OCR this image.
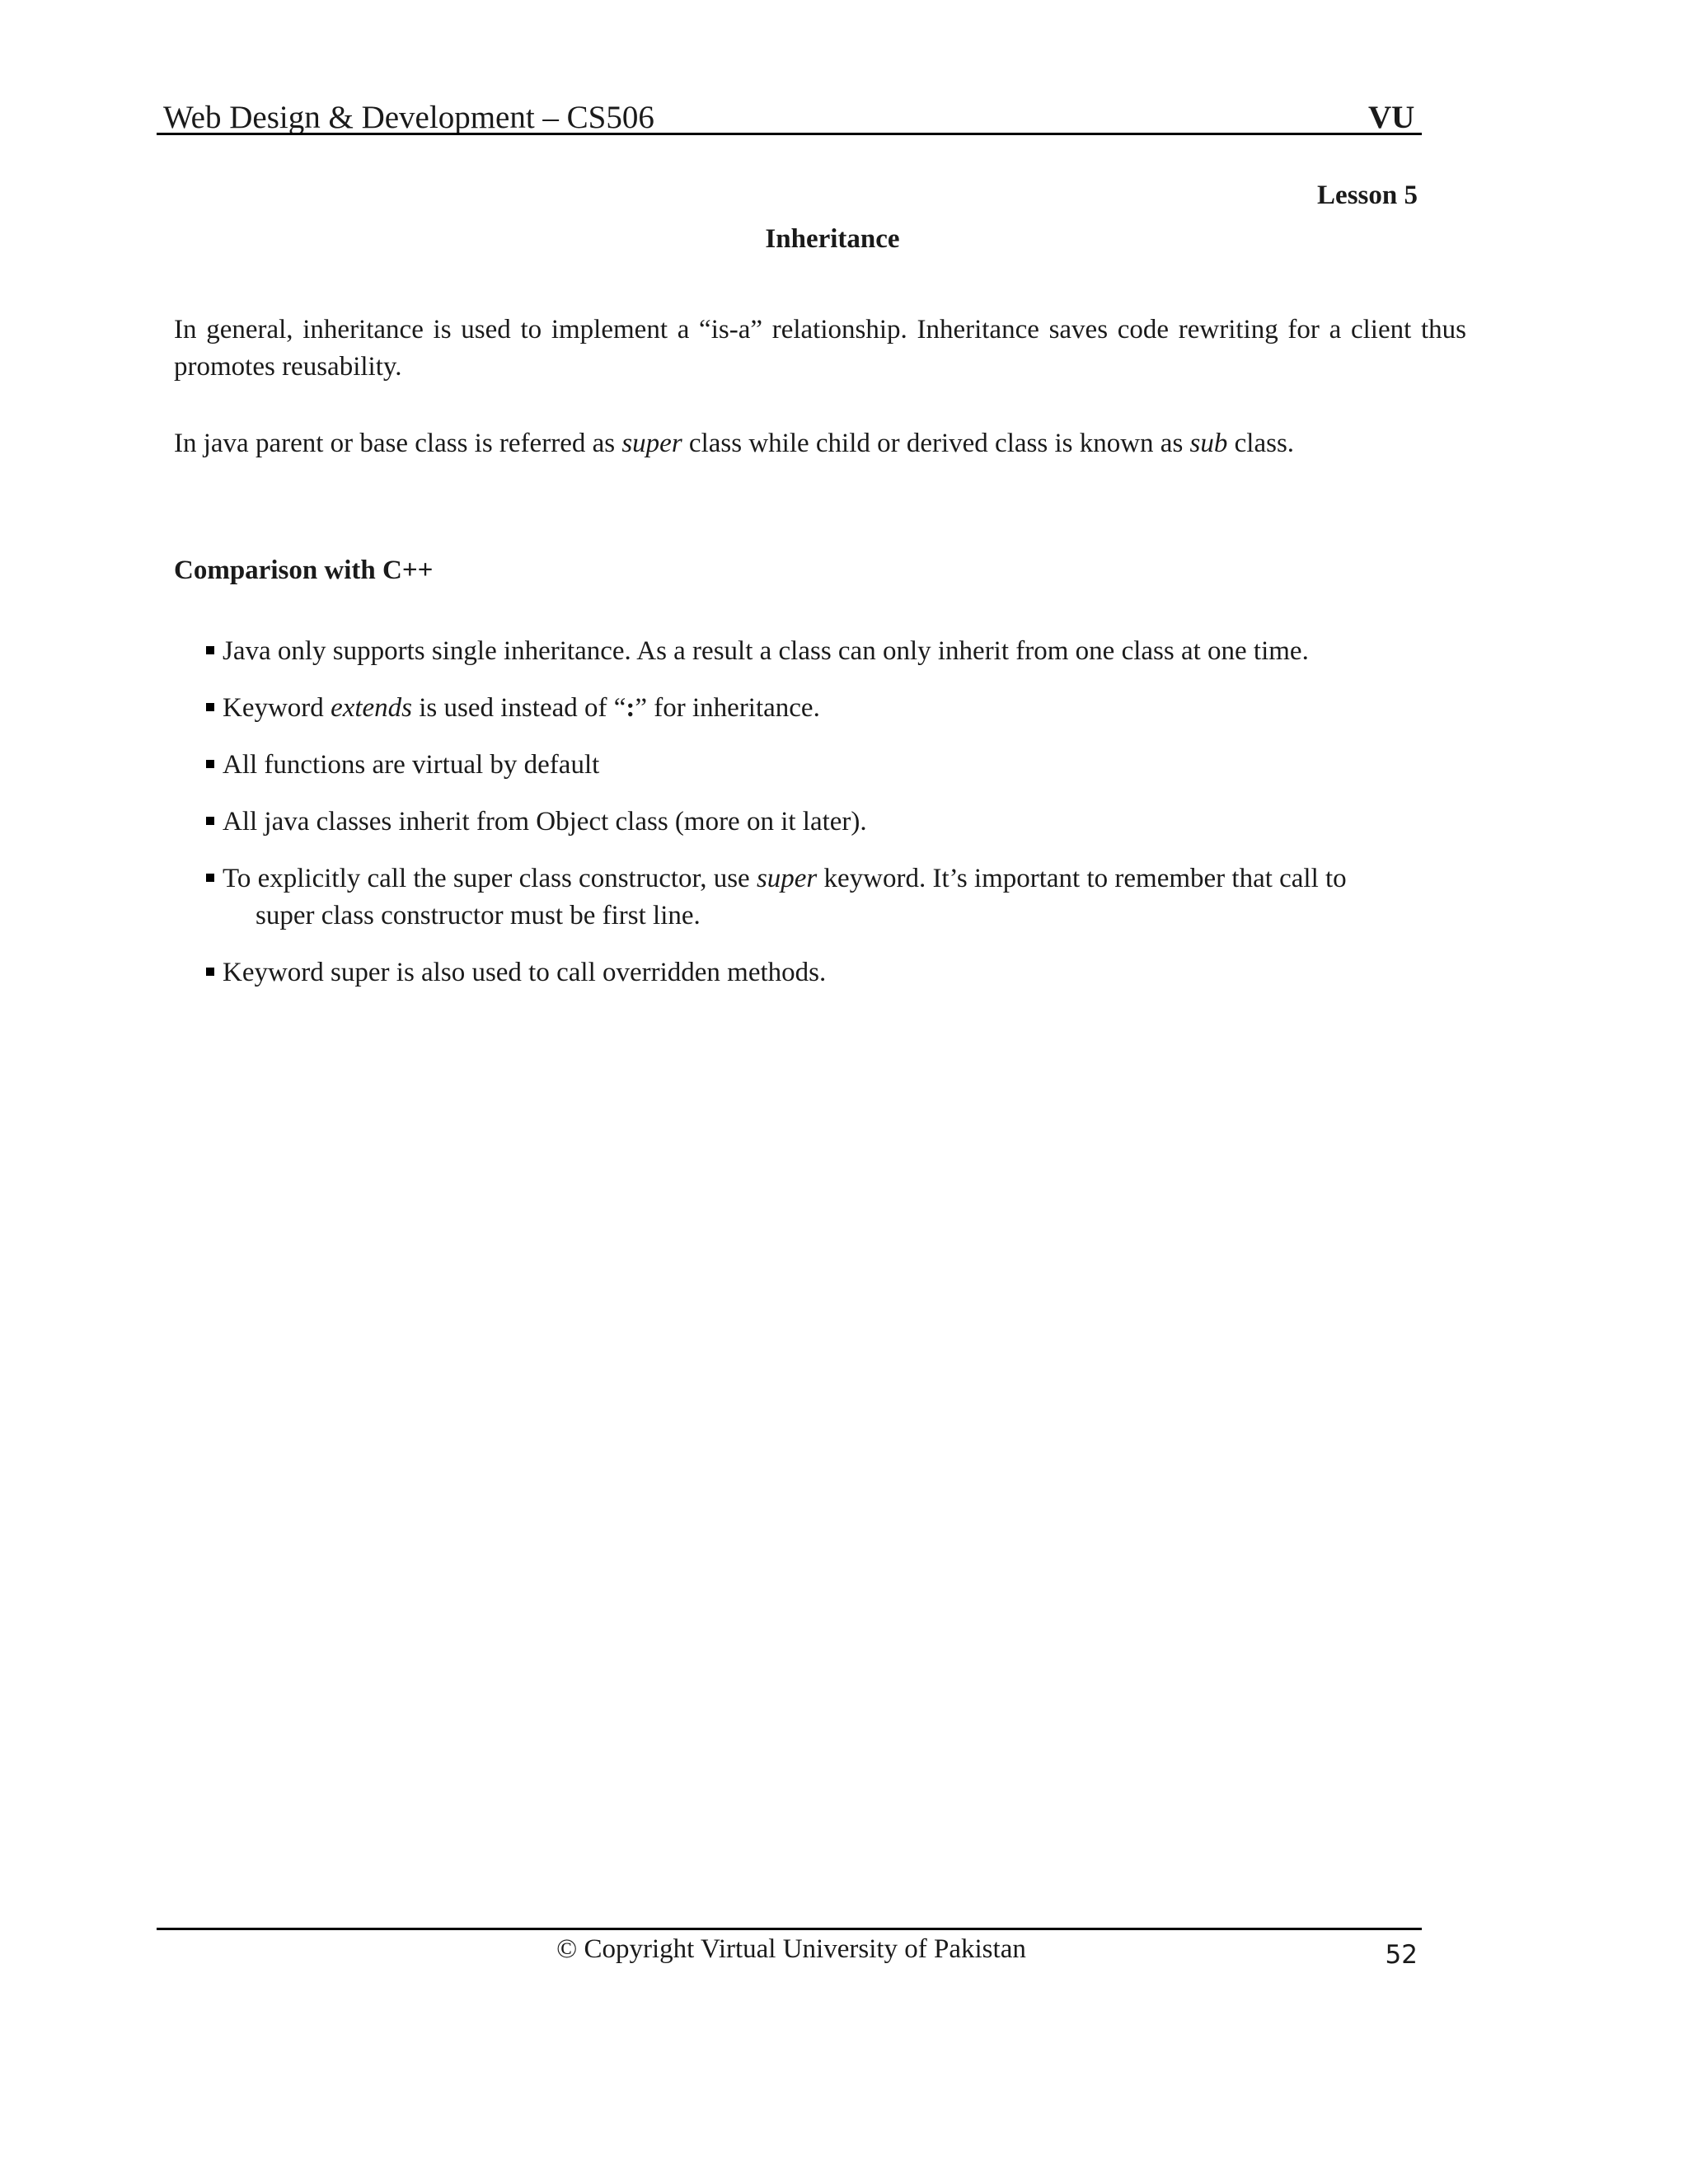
Web Design & Development – CS506	VU
Lesson 5
Inheritance
In general, inheritance is used to implement a “is-a” relationship. Inheritance saves code rewriting for a client thus promotes reusability.
In java parent or base class is referred as super class while child or derived class is known as sub class.
Comparison with C++
Java only supports single inheritance. As a result a class can only inherit from one class at one time.
Keyword extends is used instead of “:” for inheritance.
All functions are virtual by default
All java classes inherit from Object class (more on it later).
To explicitly call the super class constructor, use super keyword. It’s important to remember that call to
super class constructor must be first line.
Keyword super is also used to call overridden methods.
© Copyright Virtual University of Pakistan	52
